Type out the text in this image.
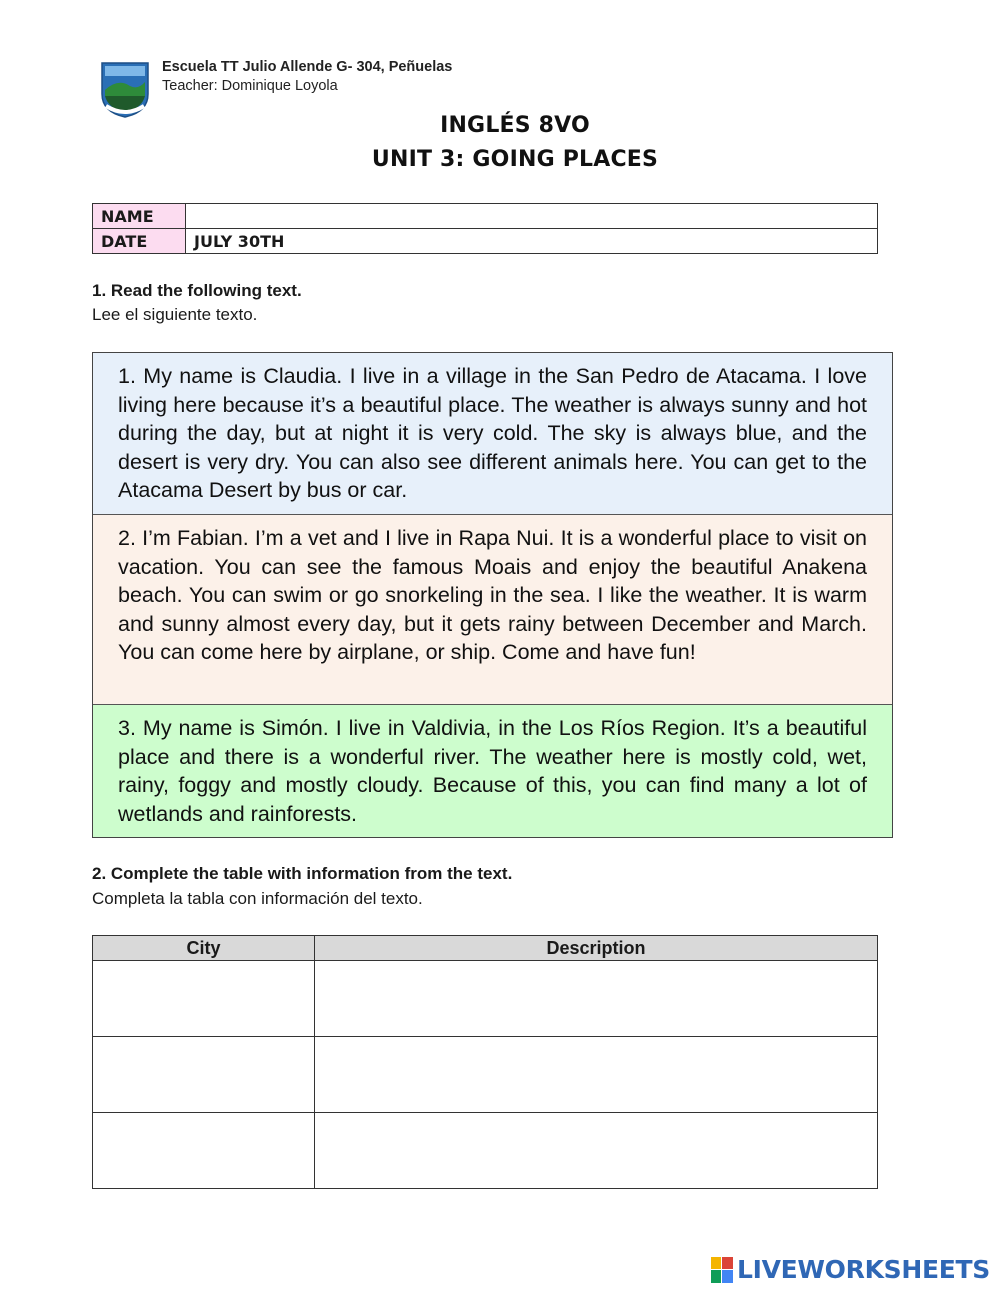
Escuela TT Julio Allende G- 304, Peñuelas
Teacher: Dominique Loyola
INGLÉS 8VO
UNIT 3: GOING PLACES
NAME	
DATE	JULY 30TH
1. Read the following text.
Lee el siguiente texto.
1. My name is Claudia. I live in a village in the San Pedro de Atacama. I love living here because it’s a beautiful place. The weather is always sunny and hot during the day, but at night it is very cold. The sky is always blue, and the desert is very dry. You can also see different animals here. You can get to the Atacama Desert by bus or car.
2. I’m Fabian. I’m a vet and I live in Rapa Nui. It is a wonderful place to visit on vacation. You can see the famous Moais and enjoy the beautiful Anakena beach. You can swim or go snorkeling in the sea. I like the weather. It is warm and sunny almost every day, but it gets rainy between December and March. You can come here by airplane, or ship. Come and have fun!
3. My name is Simón. I live in Valdivia, in the Los Ríos Region. It’s a beautiful place and there is a wonderful river. The weather here is mostly cold, wet, rainy, foggy and mostly cloudy. Because of this, you can find many a lot of wetlands and rainforests.
2. Complete the table with information from the text.
Completa la tabla con información del texto.
City	Description

LIVEWORKSHEETS
